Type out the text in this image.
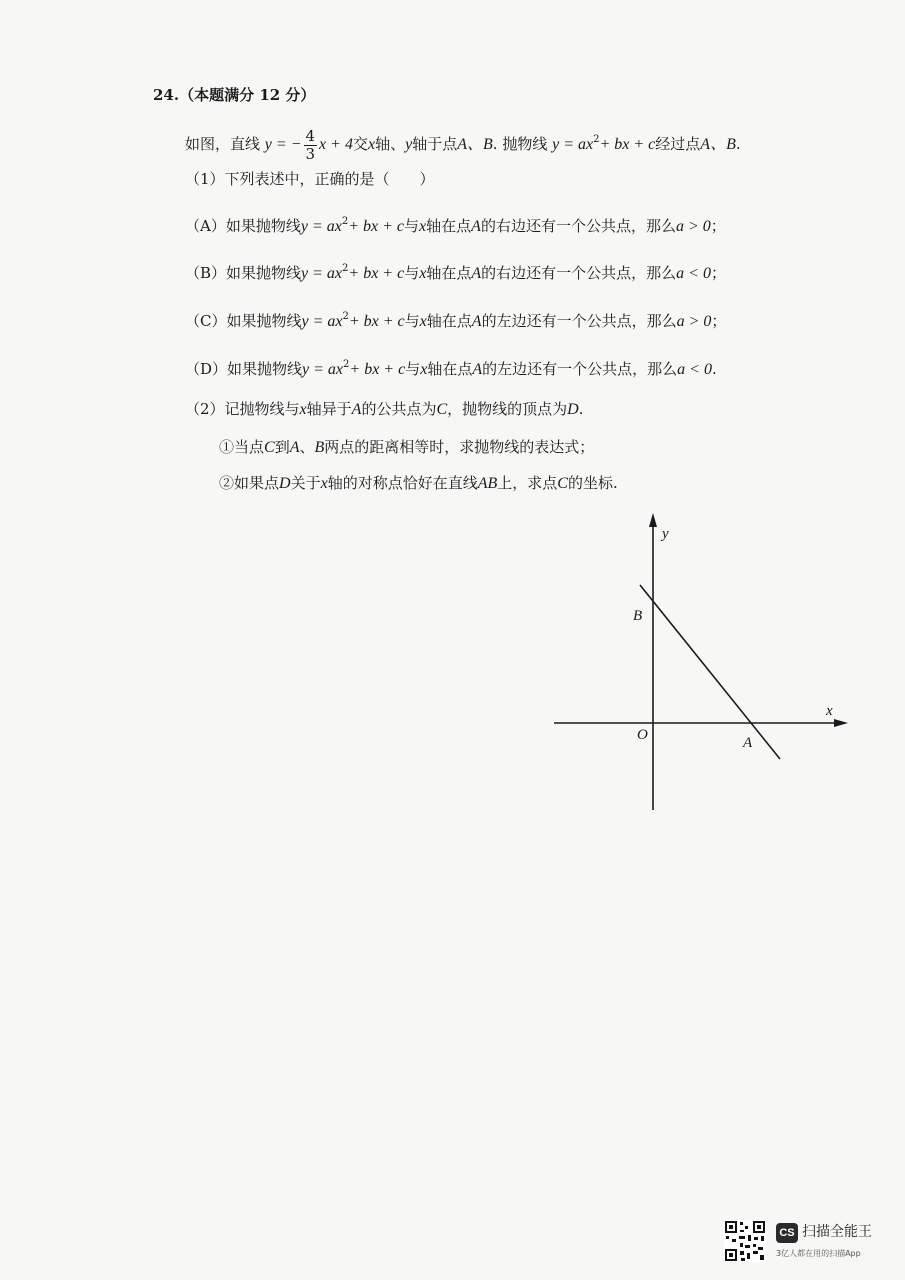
24.（本题满分 12 分）
如图，直线 y = − $\frac{4}{3}$ x + 4交x轴、y轴于点A、B. 抛物线 $y = ax^2+$ bx + c经过点A、B.
（1）下列表述中，正确的是（　　）
（A）如果抛物线$y = ax^2+$ bx + c与x轴在点A的右边还有一个公共点，那么a > 0；
（B）如果抛物线$y = ax^2+$ bx + c与x轴在点A的右边还有一个公共点，那么a < 0；
（C）如果抛物线$y = ax^2+$ bx + c与x轴在点A的左边还有一个公共点，那么a > 0；
（D）如果抛物线$y = ax^2+$ bx + c与x轴在点A的左边还有一个公共点，那么a < 0.
（2）记抛物线与x轴异于A的公共点为C，抛物线的顶点为D.
①当点C到A、B两点的距离相等时，求抛物线的表达式；
②如果点D关于x轴的对称点恰好在直线AB上，求点C的坐标.
y
x
O	A
B
CS 扫描全能王
3亿人都在用的扫描App
